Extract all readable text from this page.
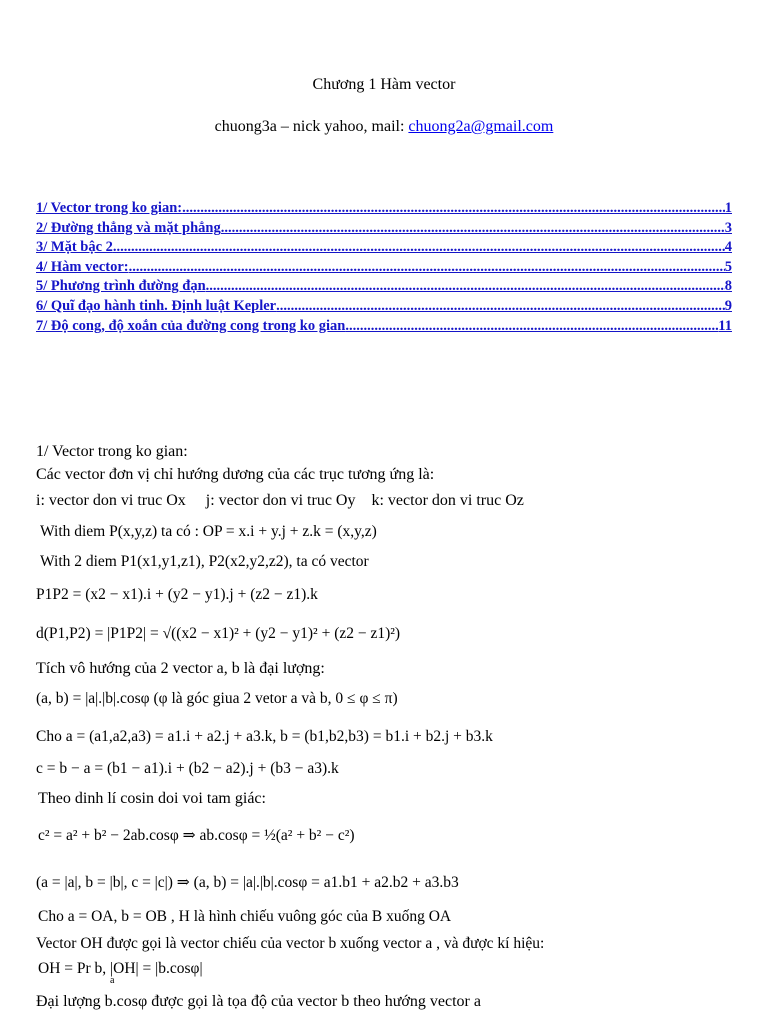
Chương 1 Hàm vector
chuong3a – nick yahoo, mail: chuong2a@gmail.com
1/ Vector trong ko gian: .....	1
2/ Đường thẳng và mặt phẳng .....	3
3/ Mặt bậc 2 .....	4
4/ Hàm vector: .....	5
5/ Phương trình đường đạn .....	8
6/ Quĩ đạo hành tinh. Định luật Kepler .....	9
7/ Độ cong, độ xoắn của đường cong trong ko gian .....	11
1/ Vector trong ko gian:
Các vector đơn vị chỉ hướng dương của các trục tương ứng là:
i: vector don vi truc Ox     j: vector don vi truc Oy    k: vector don vi truc Oz
With diem P(x,y,z) ta có : OP = x.i + y.j + z.k = (x,y,z)
With 2 diem P1(x1,y1,z1), P2(x2,y2,z2), ta có vector
P1P2 = (x2 − x1).i + (y2 − y1).j + (z2 − z1).k
d(P1,P2) = |P1P2| = √((x2 − x1)² + (y2 − y1)² + (z2 − z1)²)
Tích vô hướng của 2 vector a, b là đại lượng:
(a, b) = |a|.|b|.cosφ (φ là góc giua 2 vetor a và b, 0 ≤ φ ≤ π)
Cho a = (a1,a2,a3) = a1.i + a2.j + a3.k, b = (b1,b2,b3) = b1.i + b2.j + b3.k
c = b − a = (b1 − a1).i + (b2 − a2).j + (b3 − a3).k
Theo dinh lí cosin doi voi tam giác:
c² = a² + b² − 2ab.cosφ ⇒ ab.cosφ = ½(a² + b² − c²)
(a = |a|, b = |b|, c = |c|) ⇒ (a, b) = |a|.|b|.cosφ = a1.b1 + a2.b2 + a3.b3
Cho a = OA, b = OB , H là hình chiếu vuông góc của B xuống OA
Vector OH được gọi là vector chiếu của vector b xuống vector a , và được kí hiệu:
OH = Pr b, |OH| = |b.cosφ|
a
Đại lượng b.cosφ được gọi là tọa độ của vector b theo hướng vector a
